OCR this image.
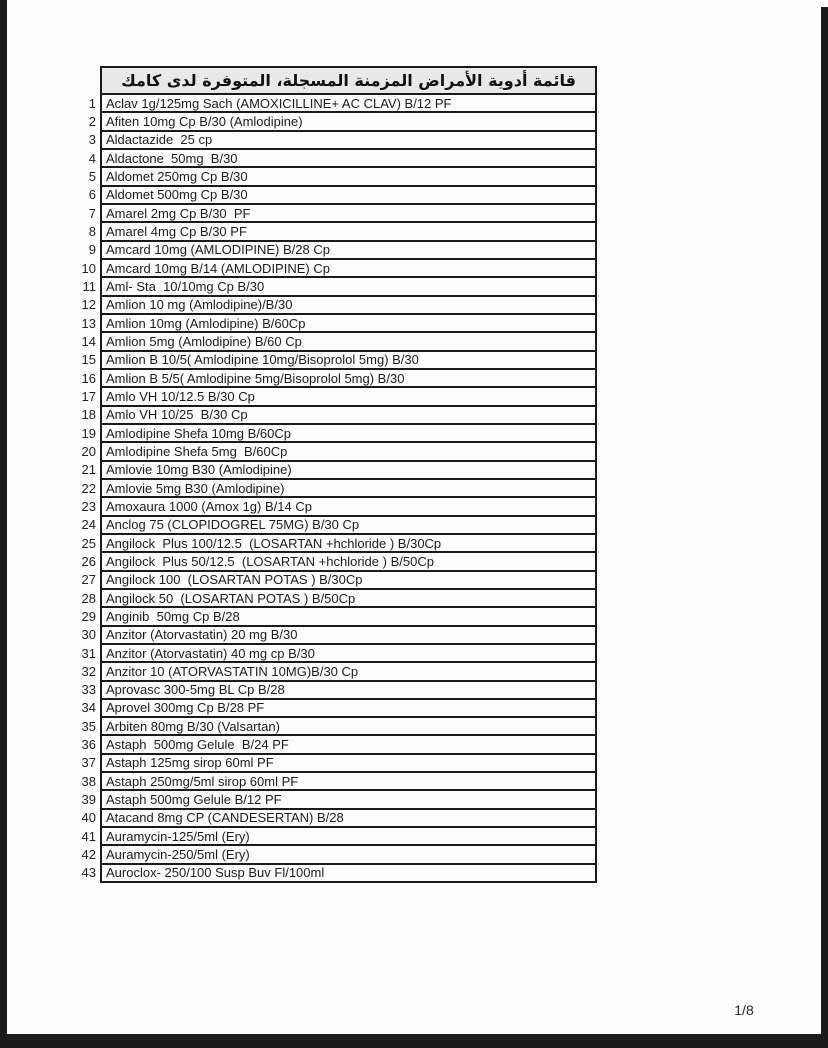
قائمة أدوية الأمراض المزمنة المسجلة، المتوفرة لدى كامك
1 Aclav 1g/125mg Sach (AMOXICILLINE+ AC CLAV) B/12 PF
2 Afiten 10mg Cp B/30 (Amlodipine)
3 Aldactazide  25 cp
4 Aldactone  50mg  B/30
5 Aldomet 250mg Cp B/30
6 Aldomet 500mg Cp B/30
7 Amarel 2mg Cp B/30  PF
8 Amarel 4mg Cp B/30 PF
9 Amcard 10mg (AMLODIPINE) B/28 Cp
10 Amcard 10mg B/14 (AMLODIPINE) Cp
11 Aml- Sta  10/10mg Cp B/30
12 Amlion 10 mg (Amlodipine)/B/30
13 Amlion 10mg (Amlodipine) B/60Cp
14 Amlion 5mg (Amlodipine) B/60 Cp
15 Amlion B 10/5( Amlodipine 10mg/Bisoprolol 5mg) B/30
16 Amlion B 5/5( Amlodipine 5mg/Bisoprolol 5mg) B/30
17 Amlo VH 10/12.5 B/30 Cp
18 Amlo VH 10/25  B/30 Cp
19 Amlodipine Shefa 10mg B/60Cp
20 Amlodipine Shefa 5mg  B/60Cp
21 Amlovie 10mg B30 (Amlodipine)
22 Amlovie 5mg B30 (Amlodipine)
23 Amoxaura 1000 (Amox 1g) B/14 Cp
24 Anclog 75 (CLOPIDOGREL 75MG) B/30 Cp
25 Angilock  Plus 100/12.5  (LOSARTAN +hchloride ) B/30Cp
26 Angilock  Plus 50/12.5  (LOSARTAN +hchloride ) B/50Cp
27 Angilock 100  (LOSARTAN POTAS ) B/30Cp
28 Angilock 50  (LOSARTAN POTAS ) B/50Cp
29 Anginib  50mg Cp B/28
30 Anzitor (Atorvastatin) 20 mg B/30
31 Anzitor (Atorvastatin) 40 mg cp B/30
32 Anzitor 10 (ATORVASTATIN 10MG)B/30 Cp
33 Aprovasc 300-5mg BL Cp B/28
34 Aprovel 300mg Cp B/28 PF
35 Arbiten 80mg B/30 (Valsartan)
36 Astaph  500mg Gelule  B/24 PF
37 Astaph 125mg sirop 60ml PF
38 Astaph 250mg/5ml sirop 60ml PF
39 Astaph 500mg Gelule B/12 PF
40 Atacand 8mg CP (CANDESERTAN) B/28
41 Auramycin-125/5ml (Ery)
42 Auramycin-250/5ml (Ery)
43 Auroclox- 250/100 Susp Buv Fl/100ml
1/8
